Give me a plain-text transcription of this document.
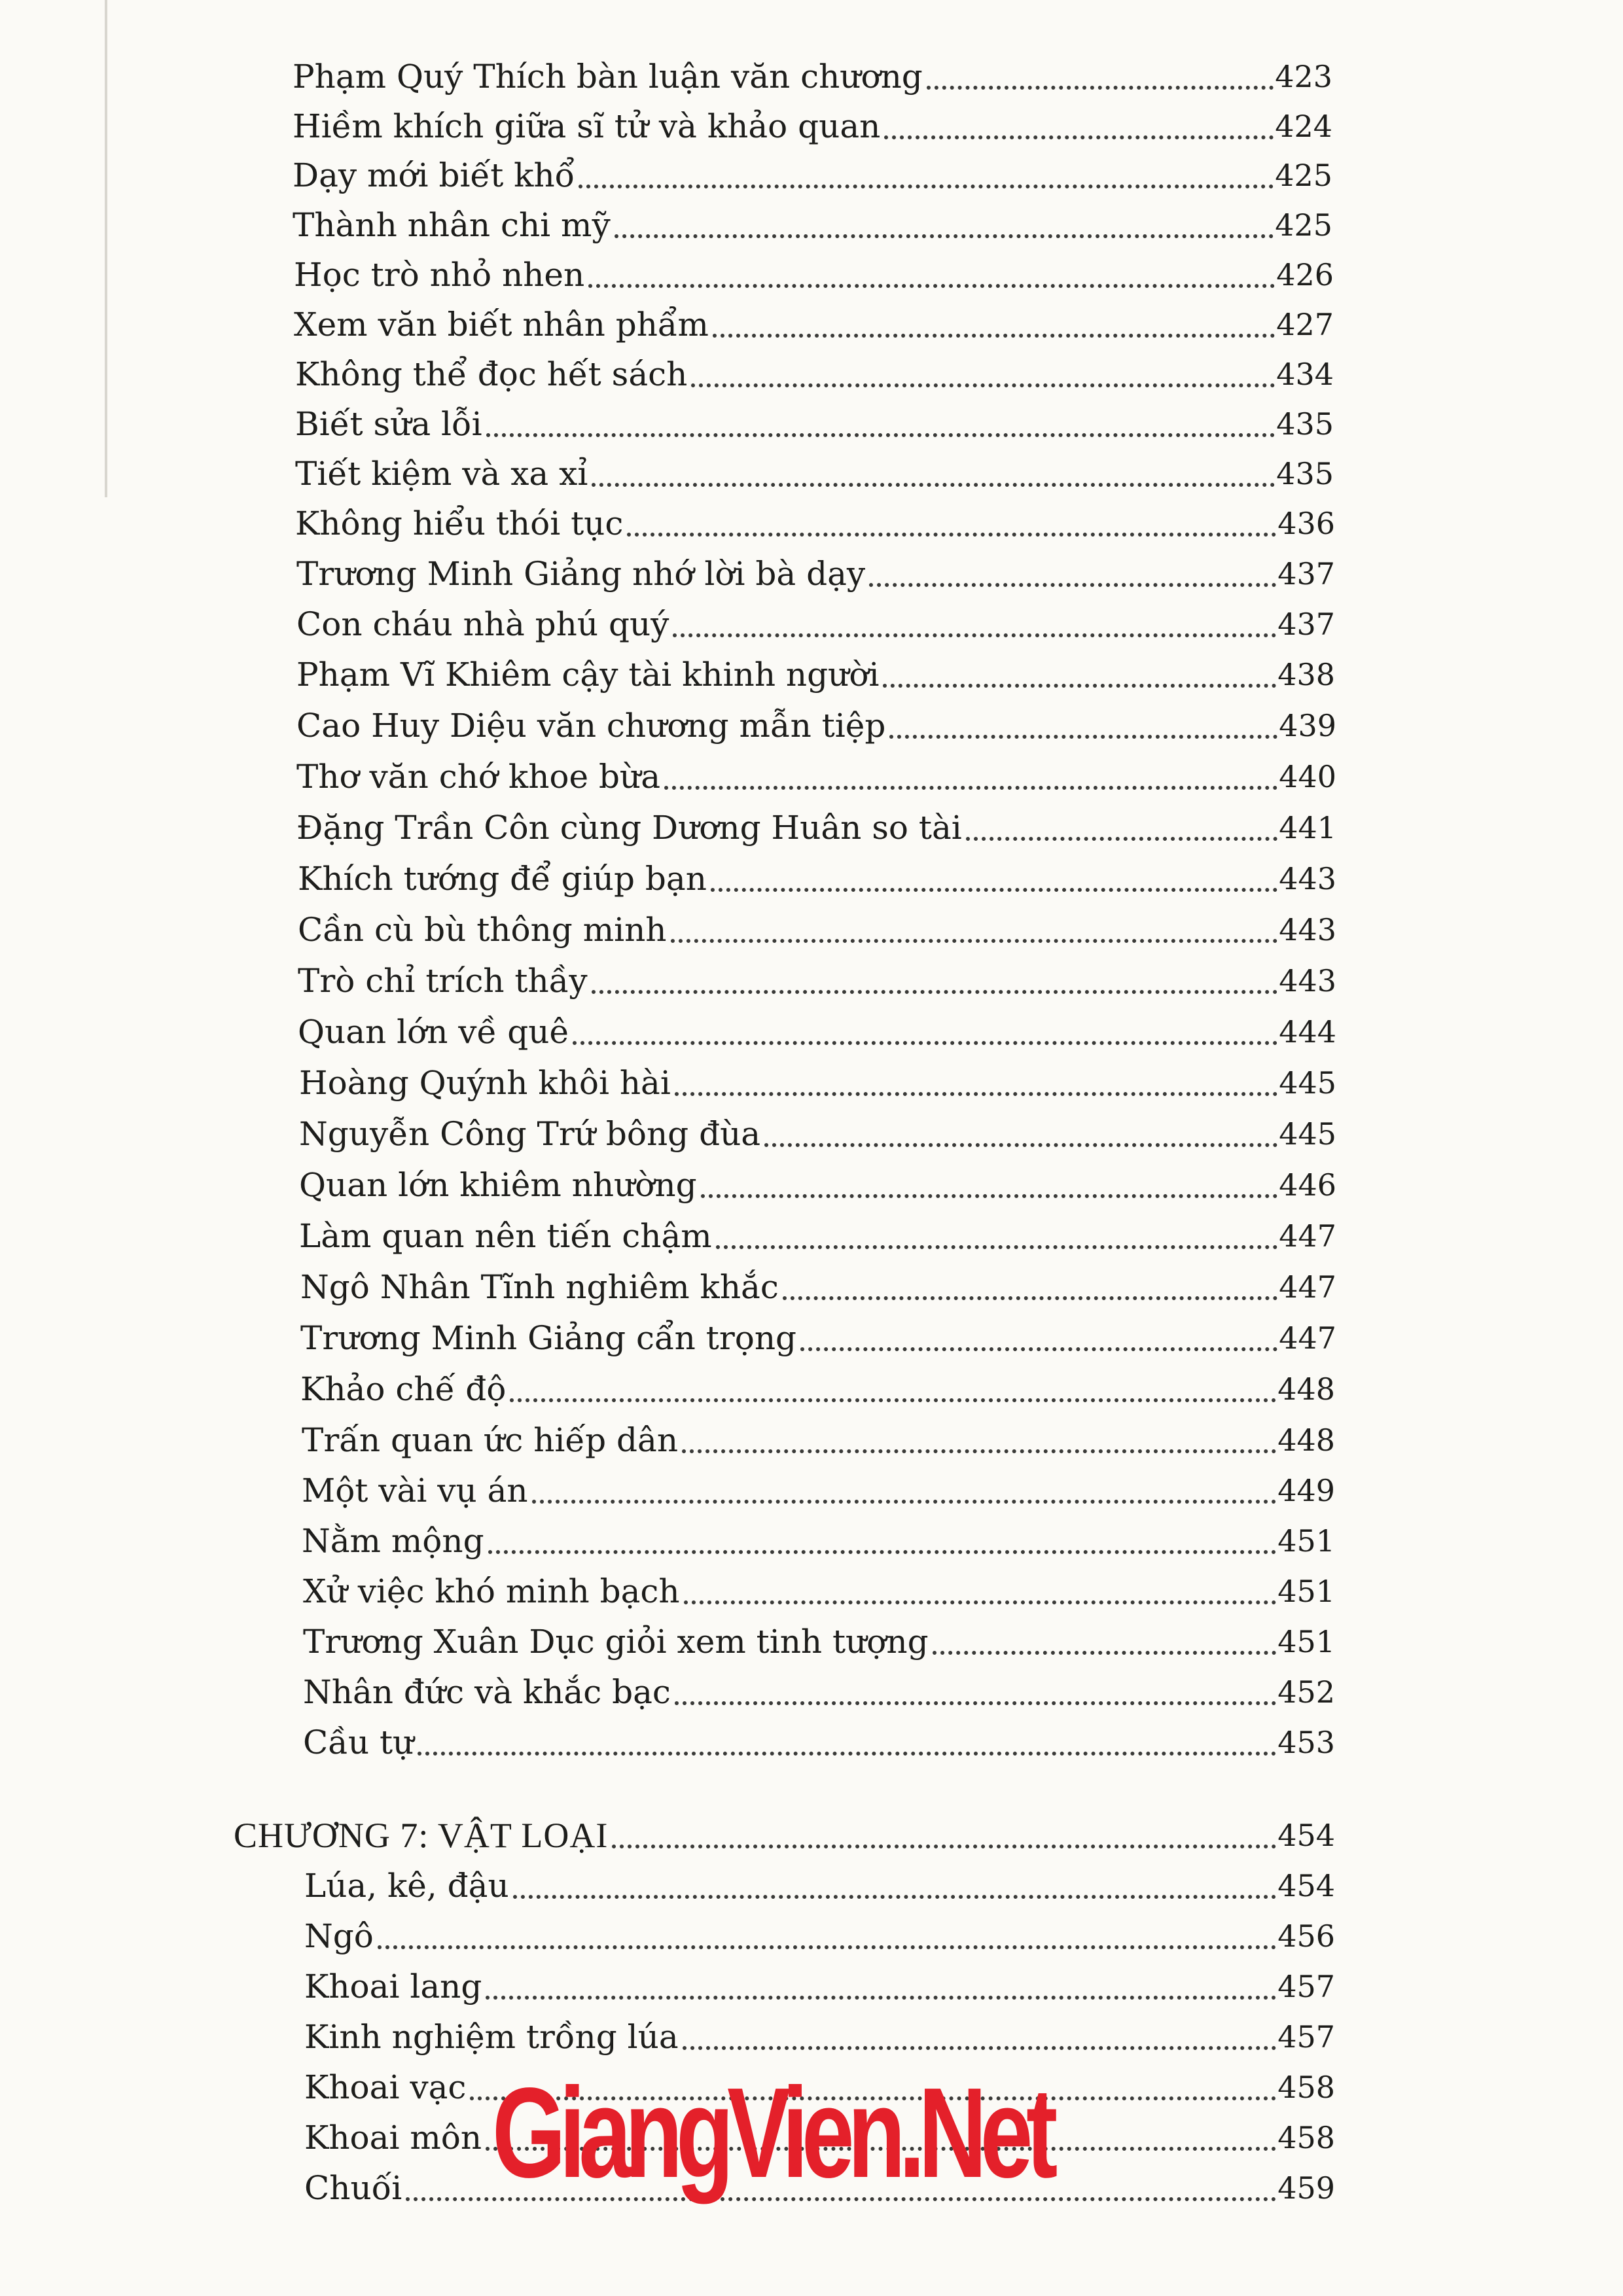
Phạm Quý Thích bàn luận văn chương	423
Hiềm khích giữa sĩ tử và khảo quan	424
Dạy mới biết khổ	425
Thành nhân chi mỹ	425
Học trò nhỏ nhen	426
Xem văn biết nhân phẩm	427
Không thể đọc hết sách	434
Biết sửa lỗi	435
Tiết kiệm và xa xỉ	435
Không hiểu thói tục	436
Trương Minh Giảng nhớ lời bà dạy	437
Con cháu nhà phú quý	437
Phạm Vĩ Khiêm cậy tài khinh người	438
Cao Huy Diệu văn chương mẫn tiệp	439
Thơ văn chớ khoe bừa	440
Đặng Trần Côn cùng Dương Huân so tài	441
Khích tướng để giúp bạn	443
Cần cù bù thông minh	443
Trò chỉ trích thầy	443
Quan lớn về quê	444
Hoàng Quýnh khôi hài	445
Nguyễn Công Trứ bông đùa	445
Quan lớn khiêm nhường	446
Làm quan nên tiến chậm	447
Ngô Nhân Tĩnh nghiêm khắc	447
Trương Minh Giảng cẩn trọng	447
Khảo chế độ	448
Trấn quan ức hiếp dân	448
Một vài vụ án	449
Nằm mộng	451
Xử việc khó minh bạch	451
Trương Xuân Dục giỏi xem tinh tượng	451
Nhân đức và khắc bạc	452
Cầu tự	453
CHƯƠNG 7: VẬT LOẠI	454
Lúa, kê, đậu	454
Ngô	456
Khoai lang	457
Kinh nghiệm trồng lúa	457
Khoai vạc	458
Khoai môn	458
Chuối	459
GiangVien.Net
